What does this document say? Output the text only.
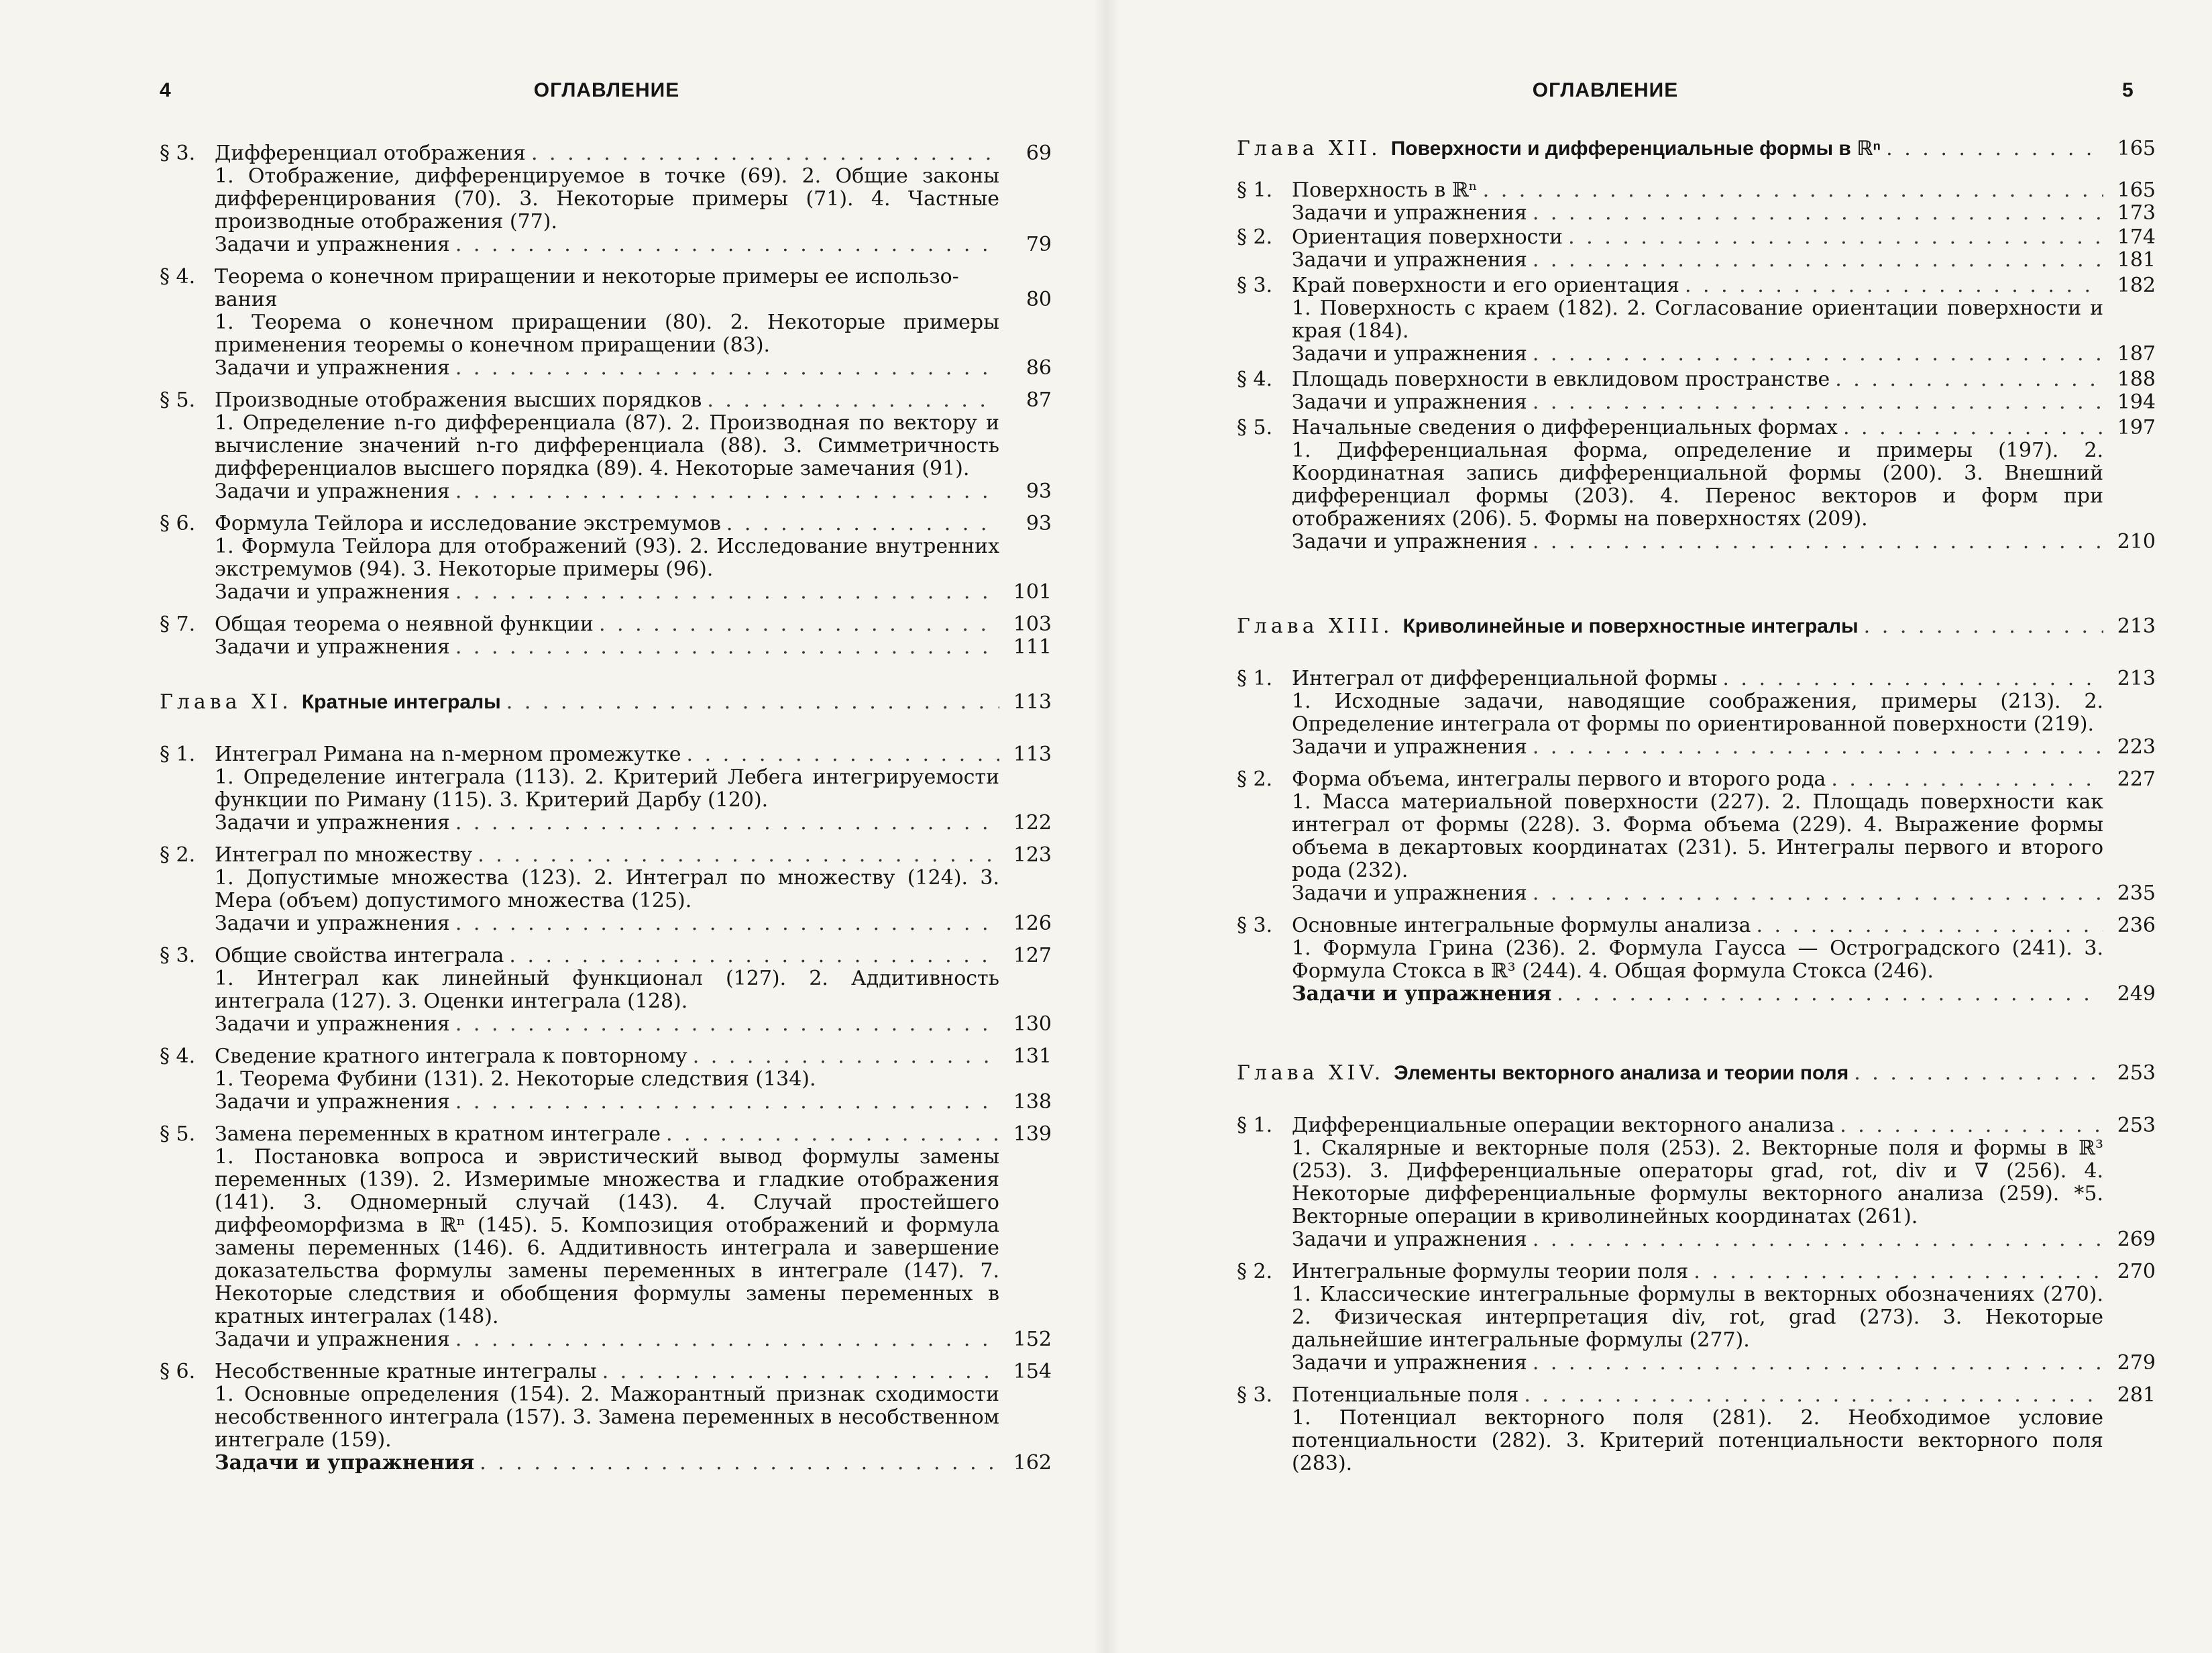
4	ОГЛАВЛЕНИЕ
§ 3. Дифференциал отображения . . .	69
1. Отображение, дифференцируемое в точке (69). 2. Общие законы дифференцирования (70). 3. Некоторые примеры (71). 4. Частные производные отображения (77).
Задачи и упражнения . . .	79
§ 4. Теорема о конечном приращении и некоторые примеры ее использо-
вания	80
1. Теорема о конечном приращении (80). 2. Некоторые примеры применения теоремы о конечном приращении (83).
Задачи и упражнения . . .	86
§ 5. Производные отображения высших порядков . . .	87
1. Определение n-го дифференциала (87). 2. Производная по вектору и вычисление значений n-го дифференциала (88). 3. Симметричность дифференциалов высшего порядка (89). 4. Некоторые замечания (91).
Задачи и упражнения . . .	93
§ 6. Формула Тейлора и исследование экстремумов . . .	93
1. Формула Тейлора для отображений (93). 2. Исследование внутренних экстремумов (94). 3. Некоторые примеры (96).
Задачи и упражнения . . .	101
§ 7. Общая теорема о неявной функции . . .	103
Задачи и упражнения . . .	111
Глава XI. Кратные интегралы . . .	113
§ 1. Интеграл Римана на n-мерном промежутке . . .	113
1. Определение интеграла (113). 2. Критерий Лебега интегрируемости функции по Риману (115). 3. Критерий Дарбу (120).
Задачи и упражнения . . .	122
§ 2. Интеграл по множеству . . .	123
1. Допустимые множества (123). 2. Интеграл по множеству (124). 3. Мера (объем) допустимого множества (125).
Задачи и упражнения . . .	126
§ 3. Общие свойства интеграла . . .	127
1. Интеграл как линейный функционал (127). 2. Аддитивность интеграла (127). 3. Оценки интеграла (128).
Задачи и упражнения . . .	130
§ 4. Сведение кратного интеграла к повторному . . .	131
1. Теорема Фубини (131). 2. Некоторые следствия (134).
Задачи и упражнения . . .	138
§ 5. Замена переменных в кратном интеграле . . .	139
1. Постановка вопроса и эвристический вывод формулы замены переменных (139). 2. Измеримые множества и гладкие отображения (141). 3. Одномерный случай (143). 4. Случай простейшего диффеоморфизма в ℝⁿ (145). 5. Композиция отображений и формула замены переменных (146). 6. Аддитивность интеграла и завершение доказательства формулы замены переменных в интеграле (147). 7. Некоторые следствия и обобщения формулы замены переменных в кратных интегралах (148).
Задачи и упражнения . . .	152
§ 6. Несобственные кратные интегралы . . .	154
1. Основные определения (154). 2. Мажорантный признак сходимости несобственного интеграла (157). 3. Замена переменных в несобственном интеграле (159).
Задачи и упражнения . . .	162
ОГЛАВЛЕНИЕ	5
Глава XII. Поверхности и дифференциальные формы в ℝⁿ . . .	165
§ 1. Поверхность в ℝⁿ . . .	165
Задачи и упражнения . . .	173
§ 2. Ориентация поверхности . . .	174
Задачи и упражнения . . .	181
§ 3. Край поверхности и его ориентация . . .	182
1. Поверхность с краем (182). 2. Согласование ориентации поверхности и края (184).
Задачи и упражнения . . .	187
§ 4. Площадь поверхности в евклидовом пространстве . . .	188
Задачи и упражнения . . .	194
§ 5. Начальные сведения о дифференциальных формах . . .	197
1. Дифференциальная форма, определение и примеры (197). 2. Координатная запись дифференциальной формы (200). 3. Внешний дифференциал формы (203). 4. Перенос векторов и форм при отображениях (206). 5. Формы на поверхностях (209).
Задачи и упражнения . . .	210
Глава XIII. Криволинейные и поверхностные интегралы . . .	213
§ 1. Интеграл от дифференциальной формы . . .	213
1. Исходные задачи, наводящие соображения, примеры (213). 2. Определение интеграла от формы по ориентированной поверхности (219).
Задачи и упражнения . . .	223
§ 2. Форма объема, интегралы первого и второго рода . . .	227
1. Масса материальной поверхности (227). 2. Площадь поверхности как интеграл от формы (228). 3. Форма объема (229). 4. Выражение формы объема в декартовых координатах (231). 5. Интегралы первого и второго рода (232).
Задачи и упражнения . . .	235
§ 3. Основные интегральные формулы анализа . . .	236
1. Формула Грина (236). 2. Формула Гаусса — Остроградского (241). 3. Формула Стокса в ℝ³ (244). 4. Общая формула Стокса (246).
Задачи и упражнения . . .	249
Глава XIV. Элементы векторного анализа и теории поля . . .	253
§ 1. Дифференциальные операции векторного анализа . . .	253
1. Скалярные и векторные поля (253). 2. Векторные поля и формы в ℝ³ (253). 3. Дифференциальные операторы grad, rot, div и ∇ (256). 4. Некоторые дифференциальные формулы векторного анализа (259). *5. Векторные операции в криволинейных координатах (261).
Задачи и упражнения . . .	269
§ 2. Интегральные формулы теории поля . . .	270
1. Классические интегральные формулы в векторных обозначениях (270). 2. Физическая интерпретация div, rot, grad (273). 3. Некоторые дальнейшие интегральные формулы (277).
Задачи и упражнения . . .	279
§ 3. Потенциальные поля . . .	281
1. Потенциал векторного поля (281). 2. Необходимое условие потенциальности (282). 3. Критерий потенциальности векторного поля (283).
